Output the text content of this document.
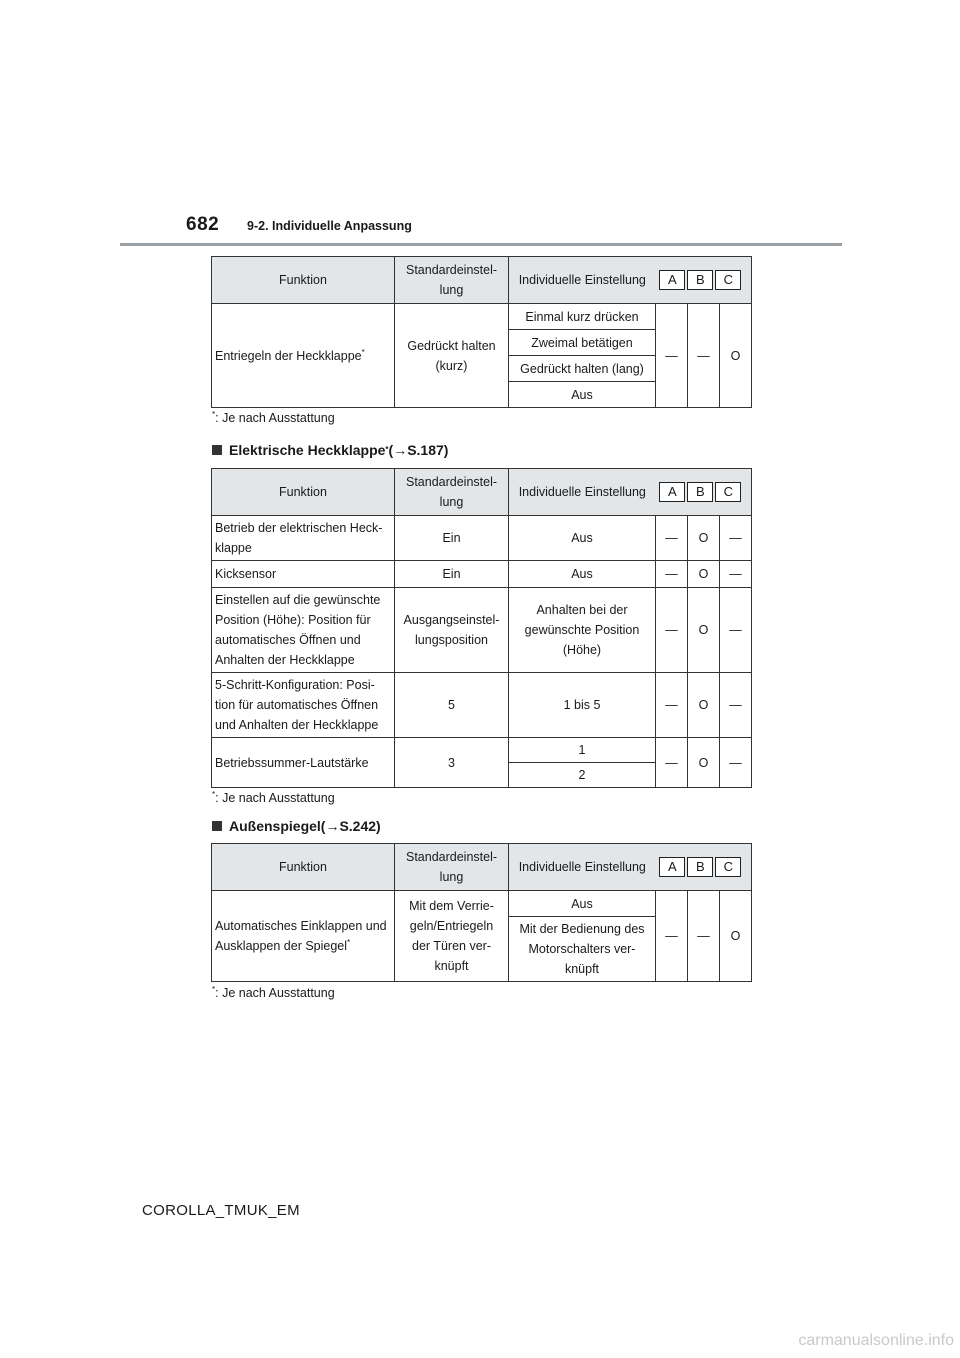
682 9-2. Individuelle Anpassung
Funktion	Standardeinstel-
lung	Individuelle Einstellung A B C			

Entriegeln der Heckklappe*	Gedrückt halten
(kurz)	Einmal kurz drücken	—	—	O
		Zweimal betätigen			
		Gedrückt halten (lang)			
		Aus			
*: Je nach Ausstattung
Elektrische Heckklappe * (→S.187)
Funktion	Standardeinstel-
lung	Individuelle Einstellung A B C			

Betrieb der elektrischen Heck-
klappe	Ein	Aus	—	O	—
Kicksensor	Ein	Aus	—	O	—
Einstellen auf die gewünschte
Position (Höhe): Position für
automatisches Öffnen und
Anhalten der Heckklappe	Ausgangseinstel-
lungsposition	Anhalten bei der
gewünschte Position
(Höhe)	—	O	—
5-Schritt-Konfiguration: Posi-
tion für automatisches Öffnen
und Anhalten der Heckklappe	5	1 bis 5	—	O	—
Betriebssummer-Lautstärke	3	1	—	O	—
		2			
*: Je nach Ausstattung
Außenspiegel (→S.242)
Funktion	Standardeinstel-
lung	Individuelle Einstellung A B C			

Automatisches Einklappen und
Ausklappen der Spiegel*	Mit dem Verrie-
geln/Entriegeln
der Türen ver-
knüpft	Aus	—	—	O
		Mit der Bedienung des
Motorschalters ver-
knüpft			
*: Je nach Ausstattung
COROLLA_TMUK_EM
carmanualsonline.info
